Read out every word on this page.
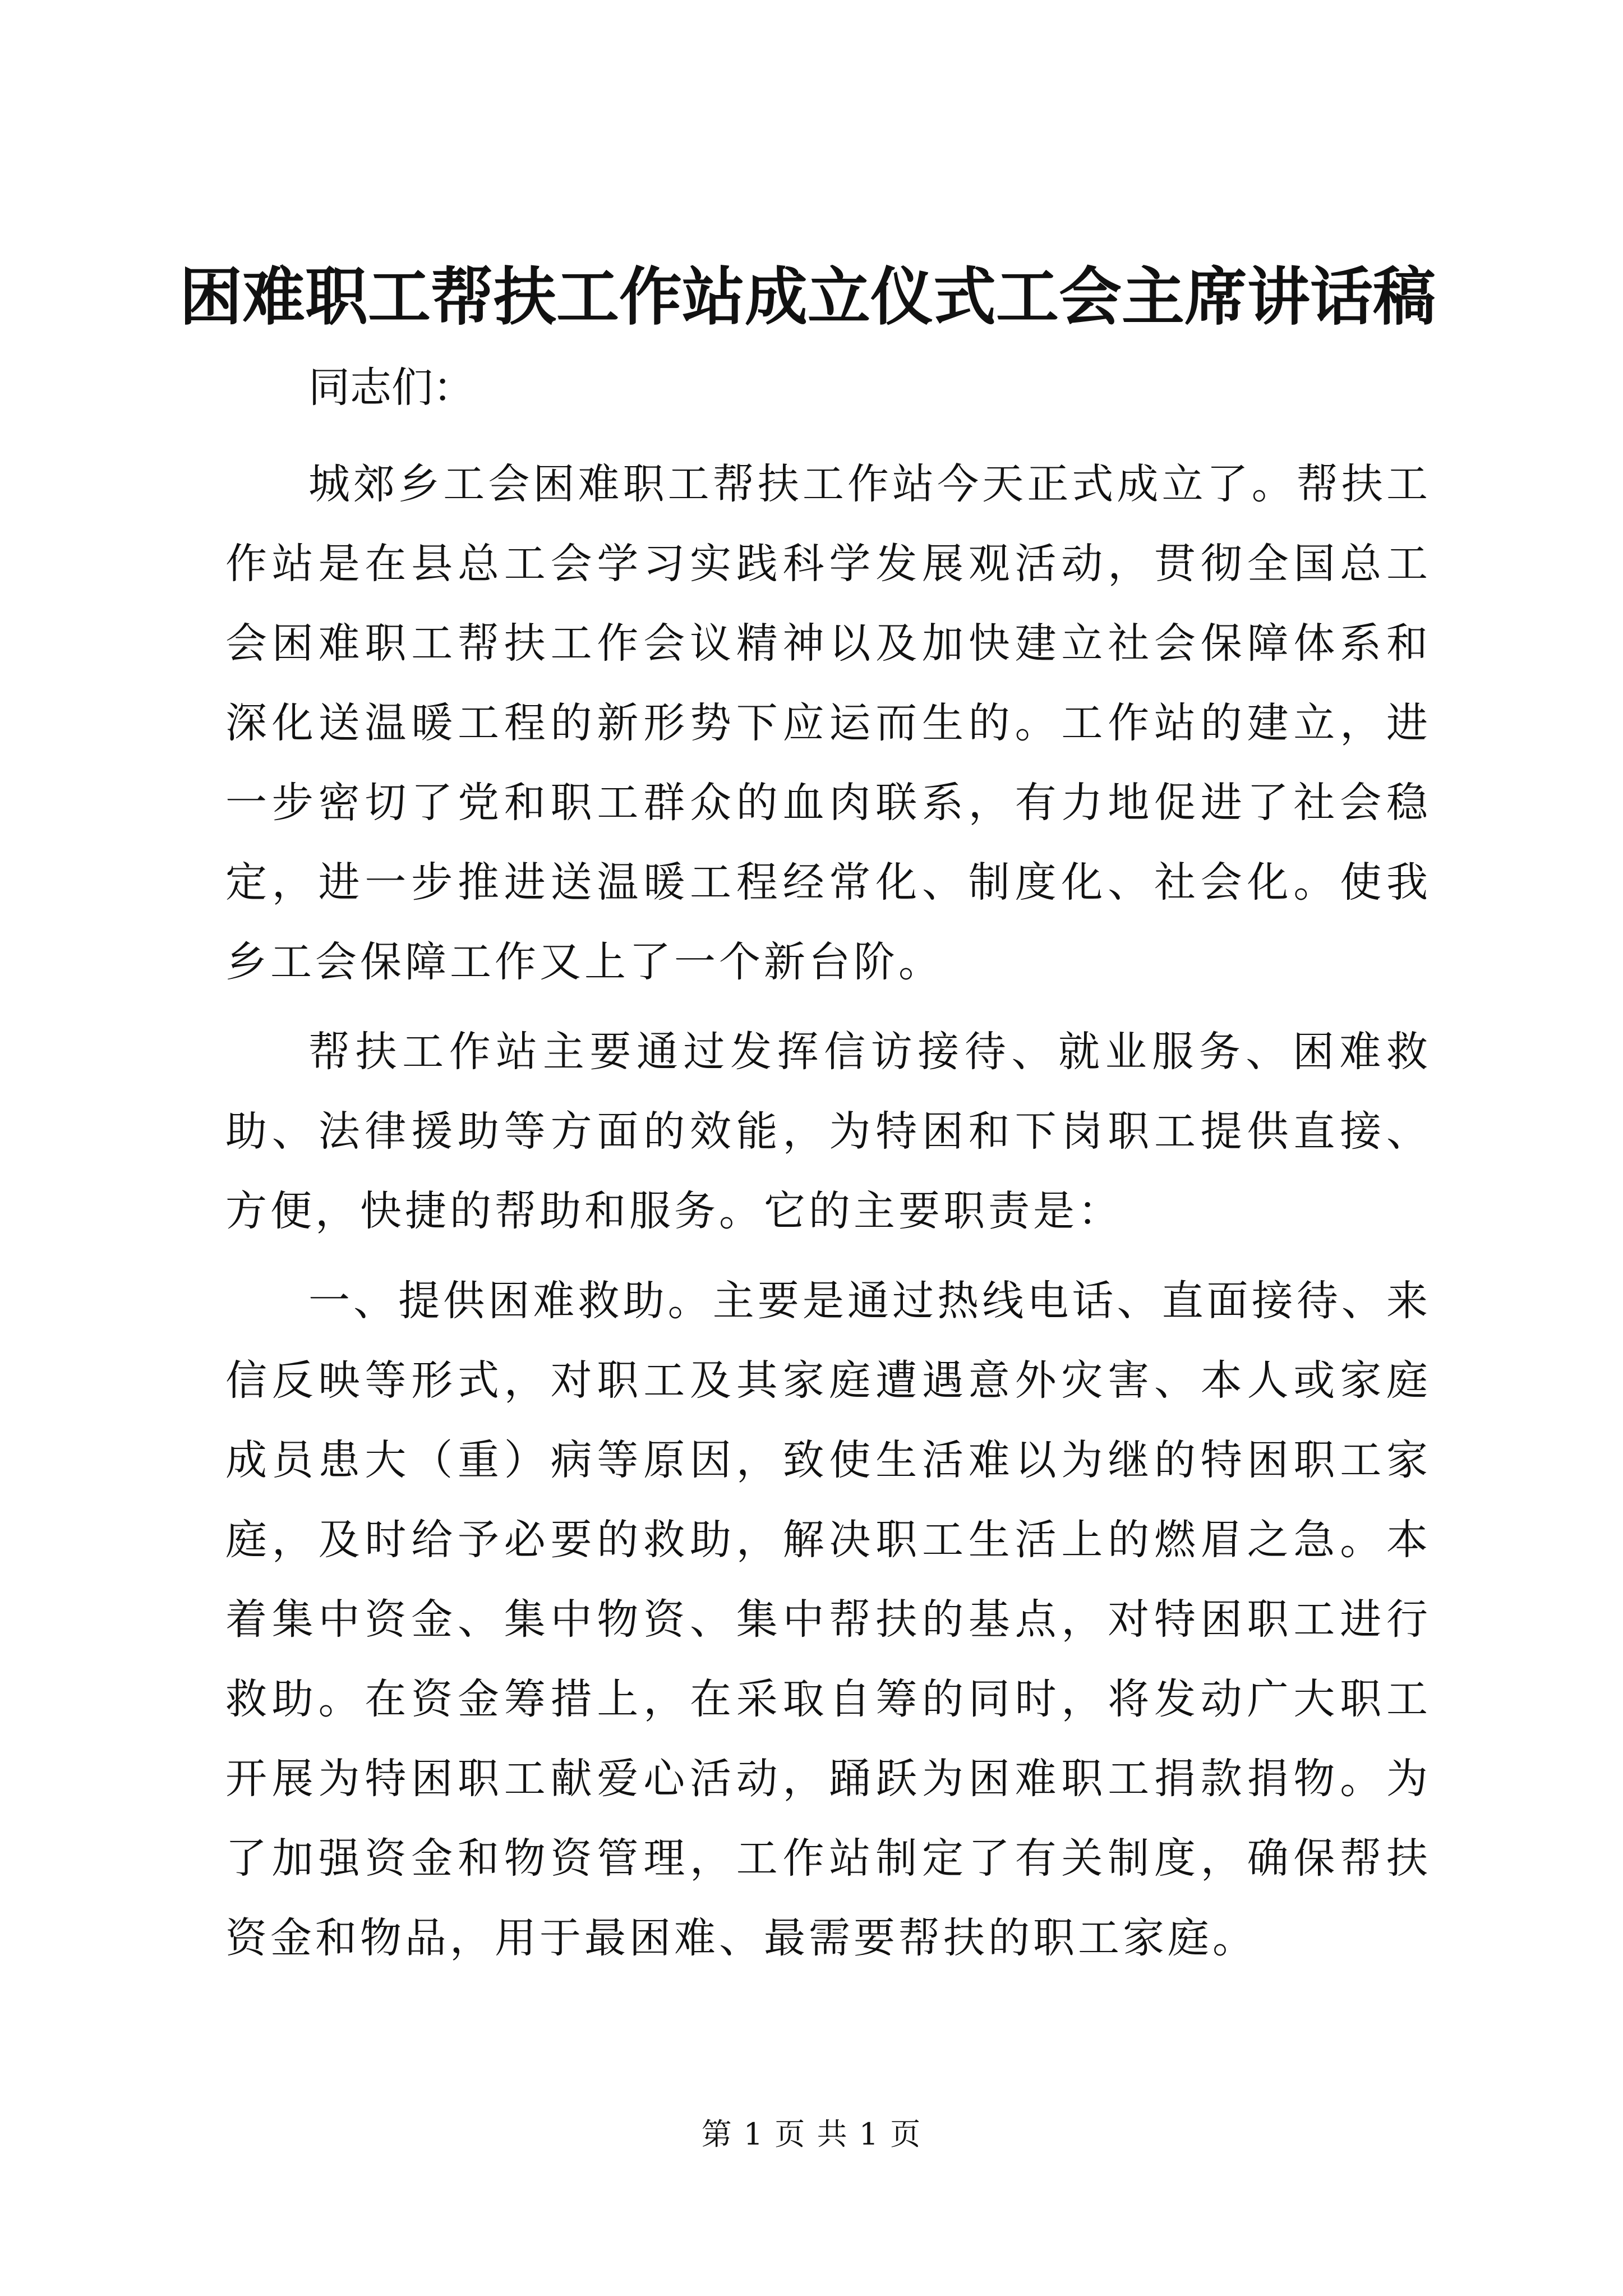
困难职工帮扶工作站成立仪式工会主席讲话稿

同志们：

城郊乡工会困难职工帮扶工作站今天正式成立了。帮扶工作站是在县总工会学习实践科学发展观活动，贯彻全国总工会困难职工帮扶工作会议精神以及加快建立社会保障体系和深化送温暖工程的新形势下应运而生的。工作站的建立，进一步密切了党和职工群众的血肉联系，有力地促进了社会稳定，进一步推进送温暖工程经常化、制度化、社会化。使我乡工会保障工作又上了一个新台阶。

帮扶工作站主要通过发挥信访接待、就业服务、困难救助、法律援助等方面的效能，为特困和下岗职工提供直接、方便，快捷的帮助和服务。它的主要职责是：

一、提供困难救助。主要是通过热线电话、直面接待、来信反映等形式，对职工及其家庭遭遇意外灾害、本人或家庭成员患大（重）病等原因，致使生活难以为继的特困职工家庭，及时给予必要的救助，解决职工生活上的燃眉之急。本着集中资金、集中物资、集中帮扶的基点，对特困职工进行救助。在资金筹措上，在采取自筹的同时，将发动广大职工开展为特困职工献爱心活动，踊跃为困难职工捐款捐物。为了加强资金和物资管理，工作站制定了有关制度，确保帮扶资金和物品，用于最困难、最需要帮扶的职工家庭。

第 1 页 共 1 页
